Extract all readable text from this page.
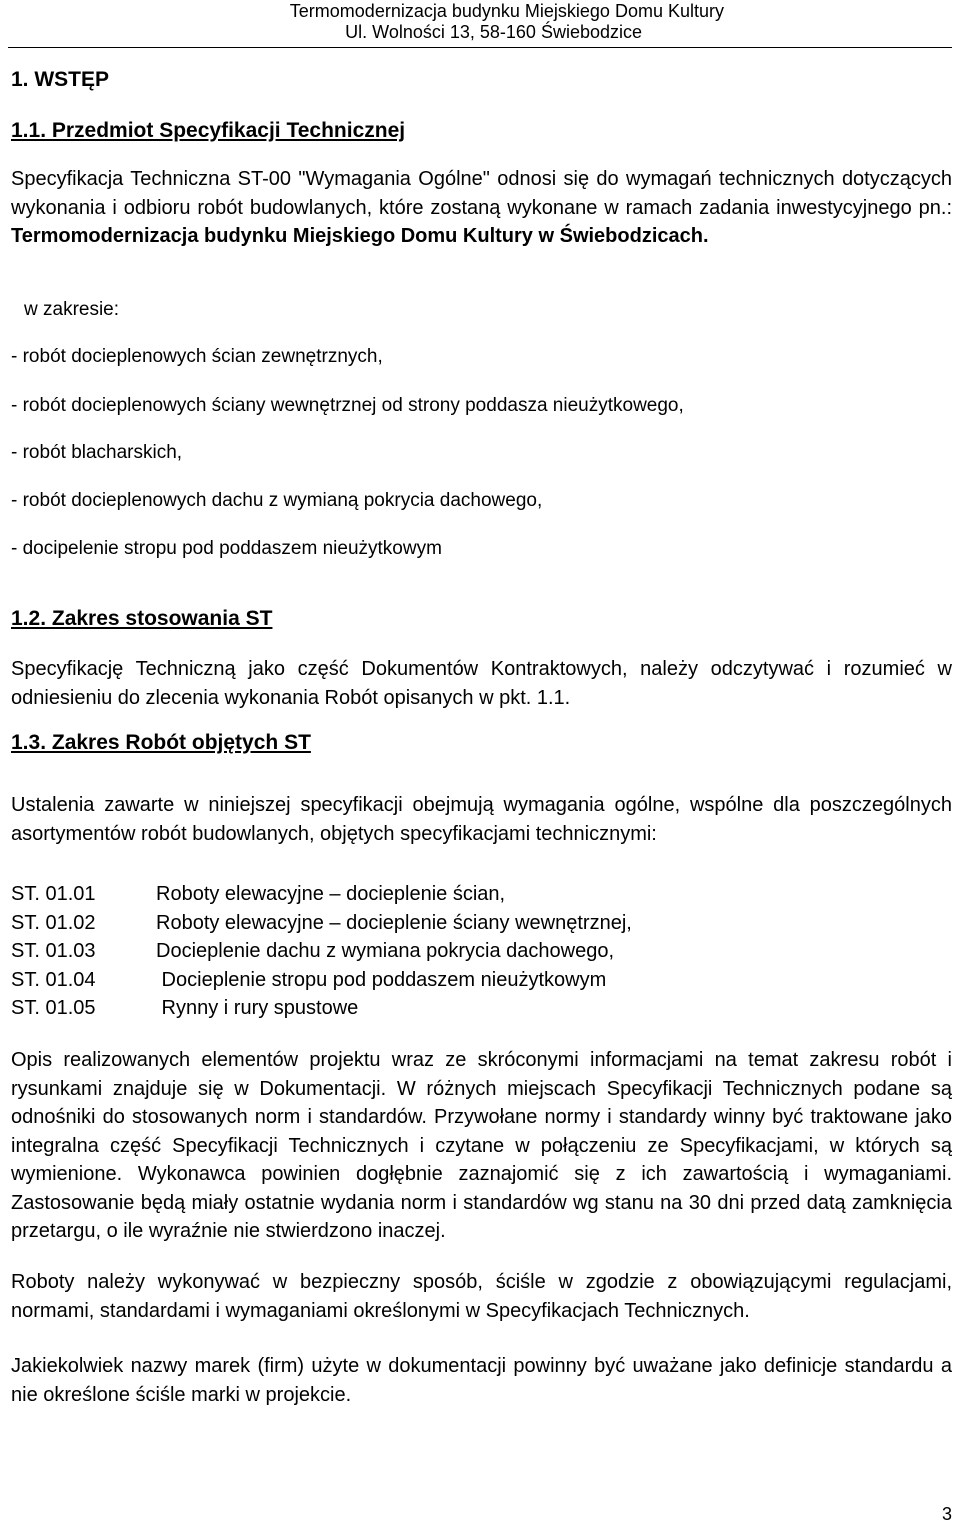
Termomodernizacja budynku Miejskiego Domu Kultury
Ul. Wolności 13, 58-160 Świebodzice
1. WSTĘP
1.1. Przedmiot Specyfikacji Technicznej
Specyfikacja Techniczna ST-00 "Wymagania Ogólne" odnosi się do wymagań technicznych dotyczących wykonania i odbioru robót budowlanych, które zostaną wykonane w ramach zadania inwestycyjnego pn.: Termomodernizacja budynku Miejskiego Domu Kultury w Świebodzicach.
w zakresie:
- robót docieplenowych ścian zewnętrznych,
- robót docieplenowych ściany wewnętrznej od strony poddasza nieużytkowego,
- robót blacharskich,
- robót docieplenowych dachu z wymianą pokrycia dachowego,
- docipelenie stropu pod poddaszem nieużytkowym
1.2. Zakres stosowania ST
Specyfikację Techniczną jako część Dokumentów Kontraktowych, należy odczytywać i rozumieć w odniesieniu do zlecenia wykonania Robót opisanych w pkt. 1.1.
1.3. Zakres Robót objętych ST
Ustalenia zawarte w niniejszej specyfikacji obejmują wymagania ogólne, wspólne dla poszczególnych asortymentów robót budowlanych, objętych specyfikacjami technicznymi:
ST. 01.01	Roboty elewacyjne – docieplenie ścian,
ST. 01.02	Roboty elewacyjne – docieplenie ściany wewnętrznej,
ST. 01.03	Docieplenie dachu z wymiana pokrycia dachowego,
ST. 01.04	Docieplenie stropu pod poddaszem nieużytkowym
ST. 01.05	Rynny i rury spustowe
Opis realizowanych elementów projektu wraz ze skróconymi informacjami na temat zakresu robót i rysunkami znajduje się w Dokumentacji. W różnych miejscach Specyfikacji Technicznych podane są odnośniki do stosowanych norm i standardów. Przywołane normy i standardy winny być traktowane jako integralna część Specyfikacji Technicznych i czytane w połączeniu ze Specyfikacjami, w których są wymienione. Wykonawca powinien dogłębnie zaznajomić się z ich zawartością i wymaganiami. Zastosowanie będą miały ostatnie wydania norm i standardów wg stanu na 30 dni przed datą zamknięcia przetargu, o ile wyraźnie nie stwierdzono inaczej.
Roboty należy wykonywać w bezpieczny sposób, ściśle w zgodzie z obowiązującymi regulacjami, normami, standardami i wymaganiami określonymi w Specyfikacjach Technicznych.
Jakiekolwiek nazwy marek (firm) użyte w dokumentacji powinny być uważane jako definicje standardu a nie określone ściśle marki w projekcie.
3
